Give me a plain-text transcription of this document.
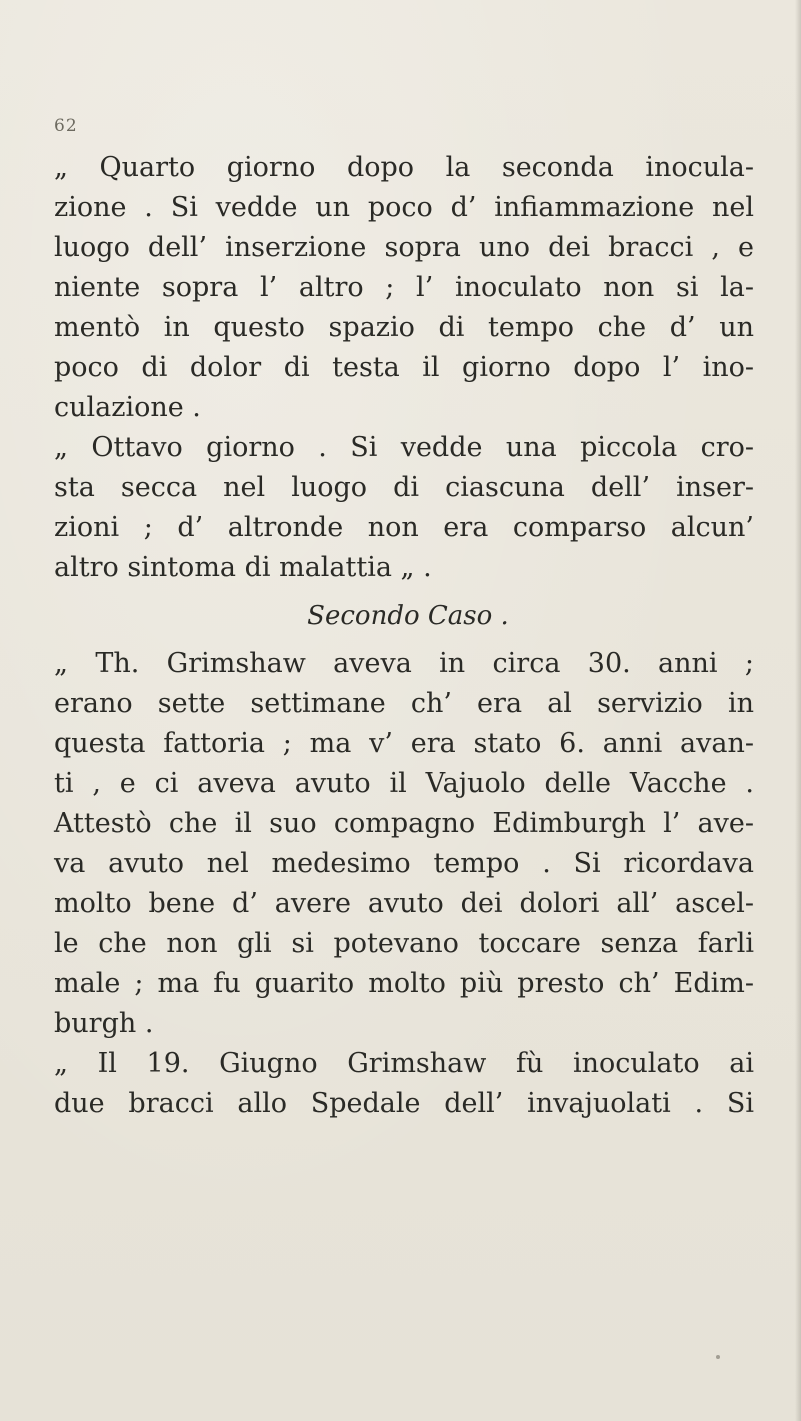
62
„ Quarto giorno dopo la seconda inocula-
zione . Si vedde un poco d’ infiammazione nel
luogo dell’ inserzione sopra uno dei bracci , e
niente sopra l’ altro ; l’ inoculato non si la-
mentò in questo spazio di tempo che d’ un
poco di dolor di testa il giorno dopo l’ ino-
culazione .
„ Ottavo giorno . Si vedde una piccola cro-
sta secca nel luogo di ciascuna dell’ inser-
zioni ; d’ altronde non era comparso alcun’
altro sintoma di malattia „ .
Secondo Caso .
„ Th. Grimshaw aveva in circa 30. anni ;
erano sette settimane ch’ era al servizio in
questa fattoria ; ma v’ era stato 6. anni avan-
ti , e ci aveva avuto il Vajuolo delle Vacche .
Attestò che il suo compagno Edimburgh l’ ave-
va avuto nel medesimo tempo . Si ricordava
molto bene d’ avere avuto dei dolori all’ ascel-
le che non gli si potevano toccare senza farli
male ; ma fu guarito molto più presto ch’ Edim-
burgh .
„ Il 19. Giugno Grimshaw fù inoculato ai
due bracci allo Spedale dell’ invajuolati . Si
